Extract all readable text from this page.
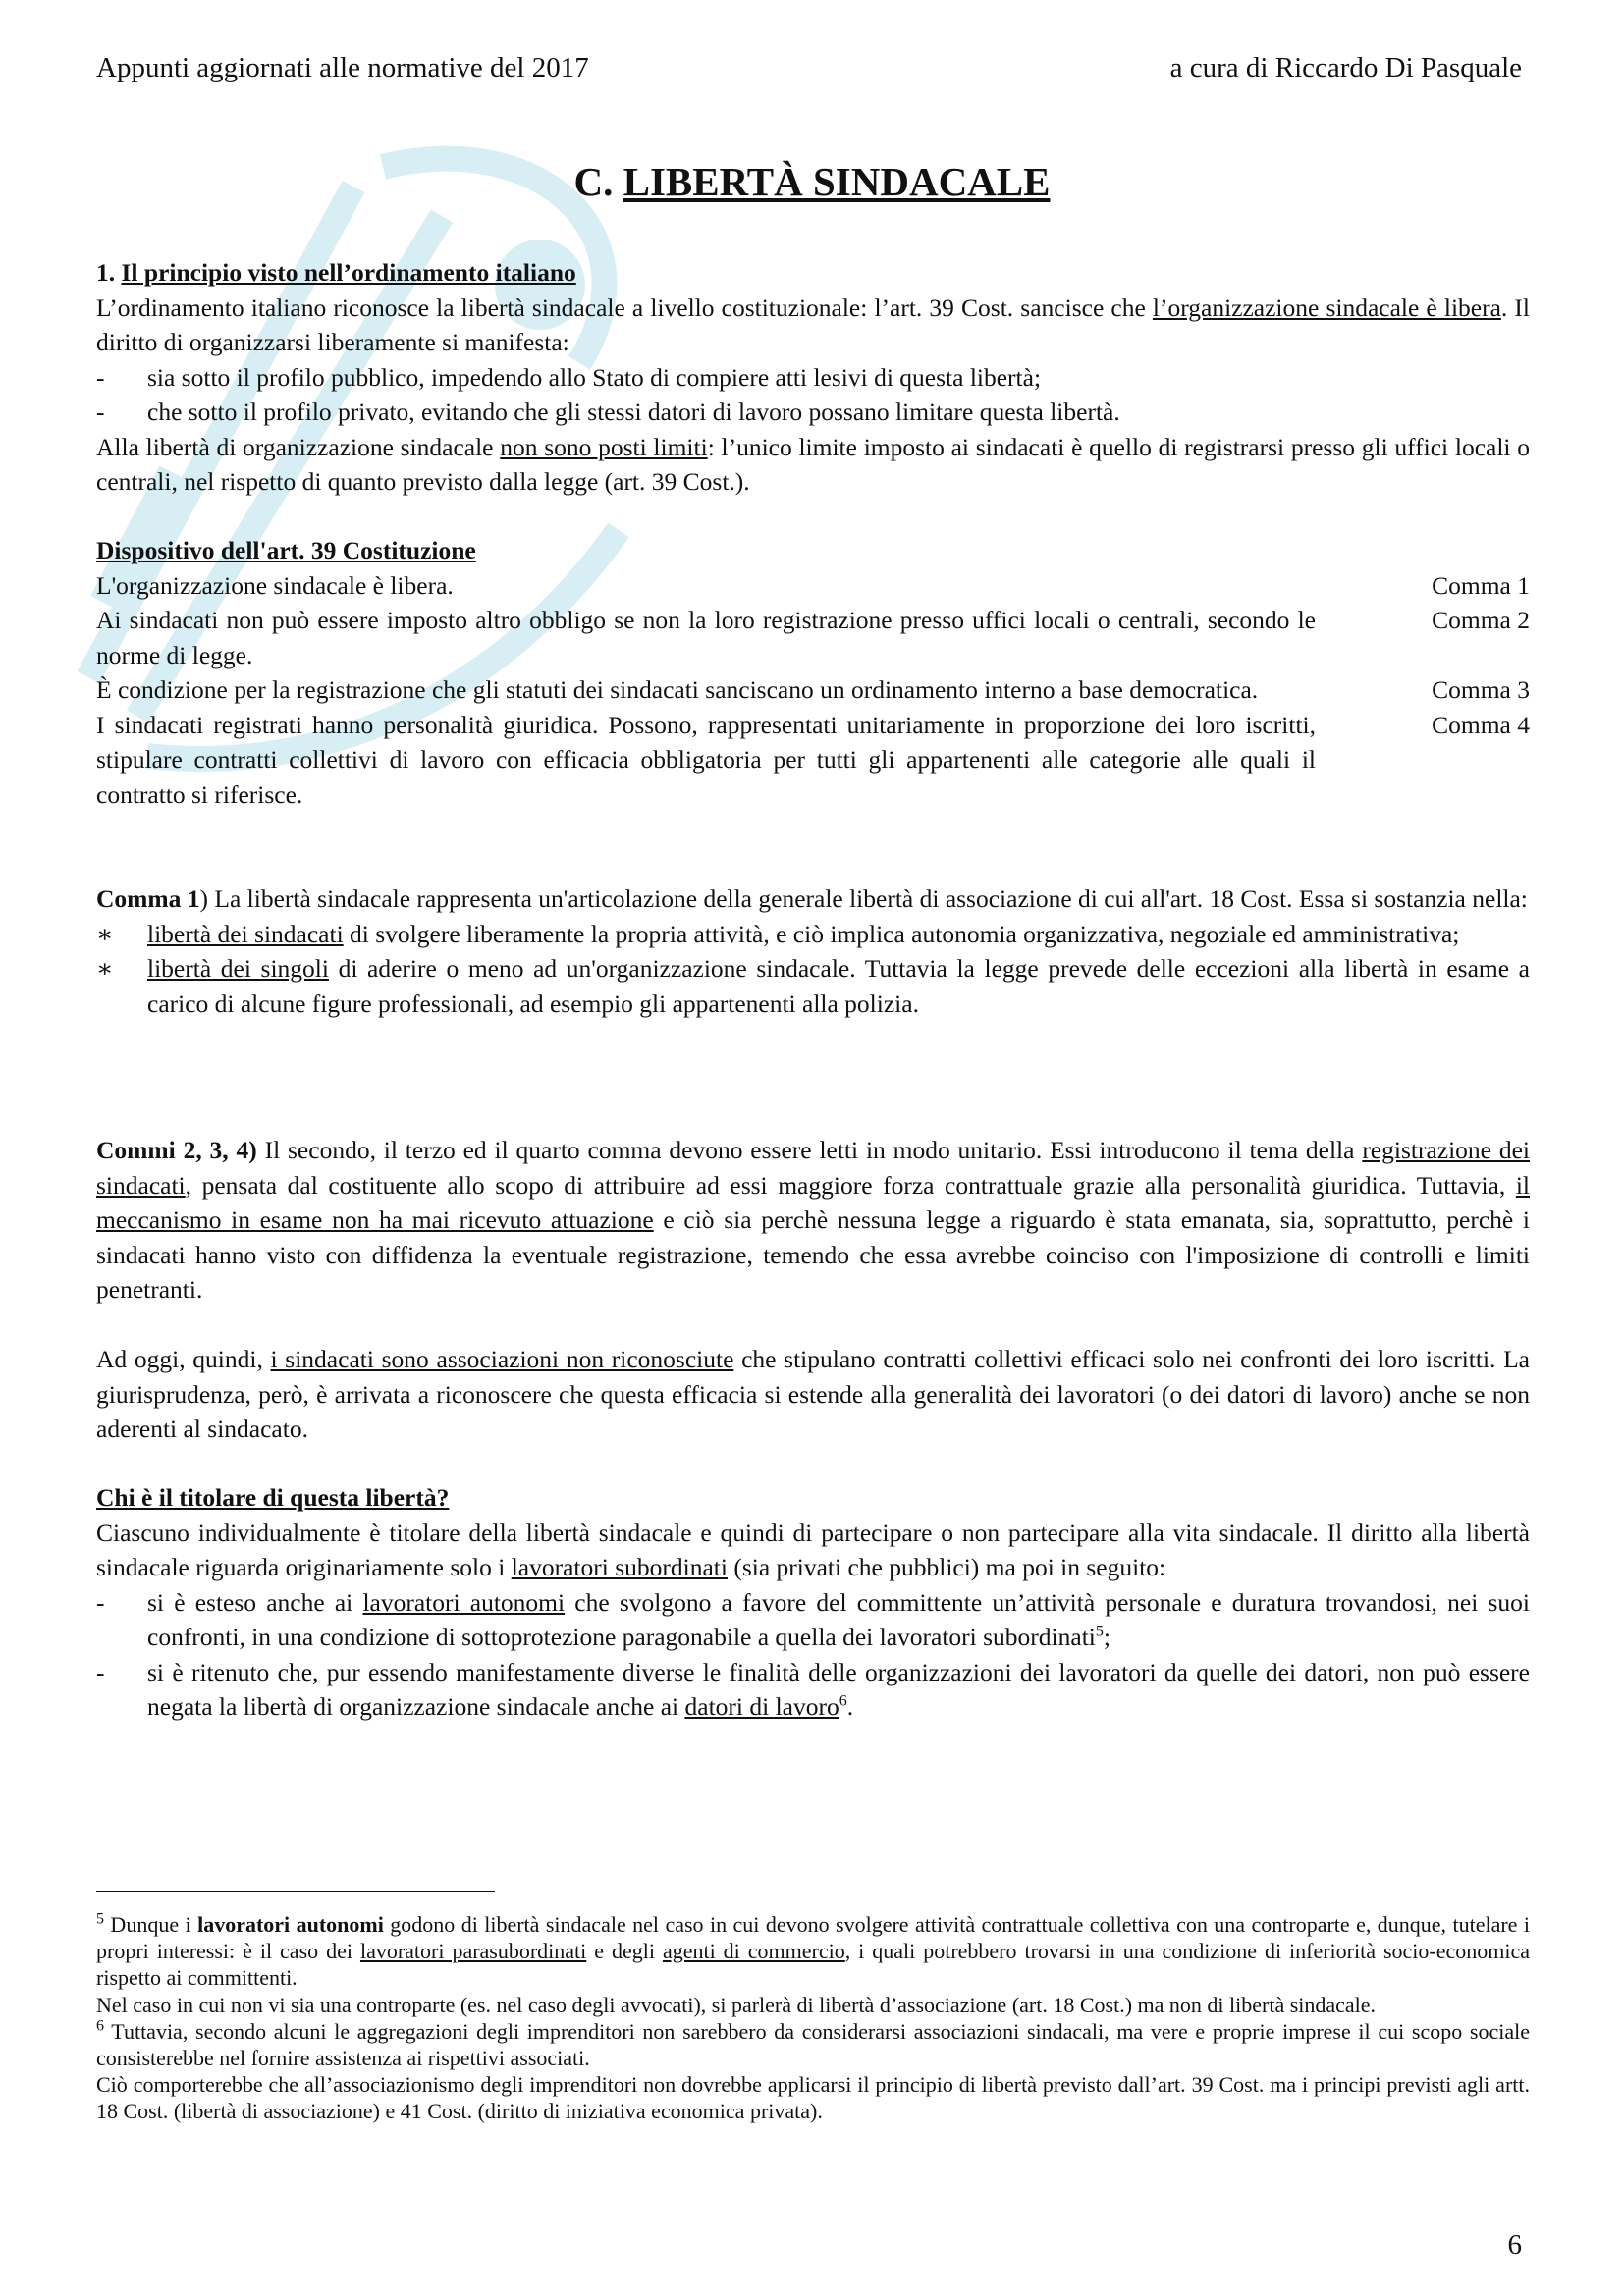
Appunti aggiornati alle normative del 2017	a cura di Riccardo Di Pasquale
C. LIBERTÀ SINDACALE
1. Il principio visto nell’ordinamento italiano
L’ordinamento italiano riconosce la libertà sindacale a livello costituzionale: l’art. 39 Cost. sancisce che l’organizzazione sindacale è libera. Il diritto di organizzarsi liberamente si manifesta:
-	sia sotto il profilo pubblico, impedendo allo Stato di compiere atti lesivi di questa libertà;
-	che sotto il profilo privato, evitando che gli stessi datori di lavoro possano limitare questa libertà.
Alla libertà di organizzazione sindacale non sono posti limiti: l’unico limite imposto ai sindacati è quello di registrarsi presso gli uffici locali o centrali, nel rispetto di quanto previsto dalla legge (art. 39 Cost.).
Dispositivo dell'art. 39 Costituzione
L'organizzazione sindacale è libera.	Comma 1
Ai sindacati non può essere imposto altro obbligo se non la loro registrazione presso uffici locali o centrali, secondo le norme di legge.	Comma 2
È condizione per la registrazione che gli statuti dei sindacati sanciscano un ordinamento interno a base democratica.	Comma 3
I sindacati registrati hanno personalità giuridica. Possono, rappresentati unitariamente in proporzione dei loro iscritti, stipulare contratti collettivi di lavoro con efficacia obbligatoria per tutti gli appartenenti alle categorie alle quali il contratto si riferisce.	Comma 4
Comma 1) La libertà sindacale rappresenta un'articolazione della generale libertà di associazione di cui all'art. 18 Cost. Essa si sostanzia nella:
∗	libertà dei sindacati di svolgere liberamente la propria attività, e ciò implica autonomia organizzativa, negoziale ed amministrativa;
∗	libertà dei singoli di aderire o meno ad un'organizzazione sindacale. Tuttavia la legge prevede delle eccezioni alla libertà in esame a carico di alcune figure professionali, ad esempio gli appartenenti alla polizia.
Commi 2, 3, 4) Il secondo, il terzo ed il quarto comma devono essere letti in modo unitario. Essi introducono il tema della registrazione dei sindacati, pensata dal costituente allo scopo di attribuire ad essi maggiore forza contrattuale grazie alla personalità giuridica. Tuttavia, il meccanismo in esame non ha mai ricevuto attuazione e ciò sia perchè nessuna legge a riguardo è stata emanata, sia, soprattutto, perchè i sindacati hanno visto con diffidenza la eventuale registrazione, temendo che essa avrebbe coinciso con l'imposizione di controlli e limiti penetranti.
Ad oggi, quindi, i sindacati sono associazioni non riconosciute che stipulano contratti collettivi efficaci solo nei confronti dei loro iscritti. La giurisprudenza, però, è arrivata a riconoscere che questa efficacia si estende alla generalità dei lavoratori (o dei datori di lavoro) anche se non aderenti al sindacato.
Chi è il titolare di questa libertà?
Ciascuno individualmente è titolare della libertà sindacale e quindi di partecipare o non partecipare alla vita sindacale. Il diritto alla libertà sindacale riguarda originariamente solo i lavoratori subordinati (sia privati che pubblici) ma poi in seguito:
-	si è esteso anche ai lavoratori autonomi che svolgono a favore del committente un’attività personale e duratura trovandosi, nei suoi confronti, in una condizione di sottoprotezione paragonabile a quella dei lavoratori subordinati$^5$;
-	si è ritenuto che, pur essendo manifestamente diverse le finalità delle organizzazioni dei lavoratori da quelle dei datori, non può essere negata la libertà di organizzazione sindacale anche ai datori di lavoro$^6$.
$^5$ Dunque i lavoratori autonomi godono di libertà sindacale nel caso in cui devono svolgere attività contrattuale collettiva con una controparte e, dunque, tutelare i propri interessi: è il caso dei lavoratori parasubordinati e degli agenti di commercio, i quali potrebbero trovarsi in una condizione di inferiorità socio-economica rispetto ai committenti.
Nel caso in cui non vi sia una controparte (es. nel caso degli avvocati), si parlerà di libertà d’associazione (art. 18 Cost.) ma non di libertà sindacale.
$^6$ Tuttavia, secondo alcuni le aggregazioni degli imprenditori non sarebbero da considerarsi associazioni sindacali, ma vere e proprie imprese il cui scopo sociale consisterebbe nel fornire assistenza ai rispettivi associati.
Ciò comporterebbe che all’associazionismo degli imprenditori non dovrebbe applicarsi il principio di libertà previsto dall’art. 39 Cost. ma i principi previsti agli artt. 18 Cost. (libertà di associazione) e 41 Cost. (diritto di iniziativa economica privata).
6
